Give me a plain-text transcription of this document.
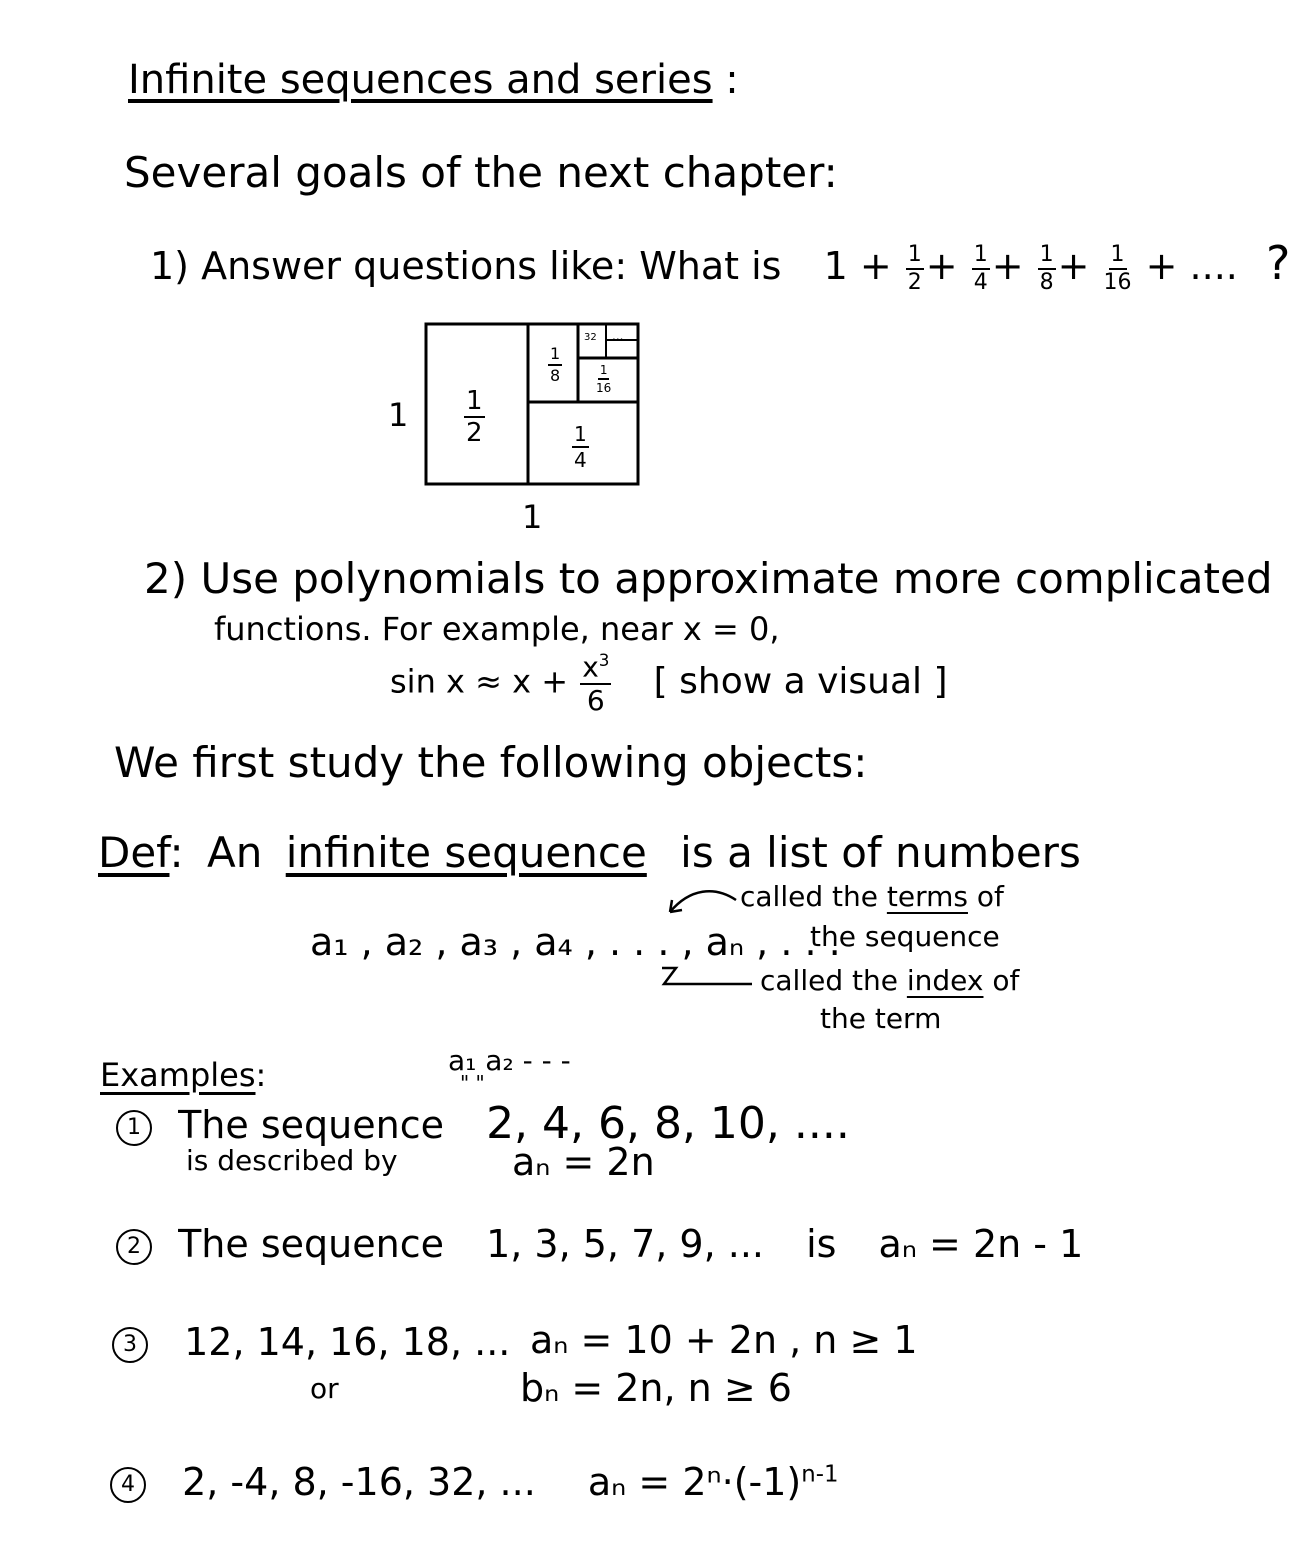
Infinite sequences and series :
Several goals of the next chapter:
1) Answer questions like: What is $1 + \frac{1}{2} + \frac{1}{4} + \frac{1}{8} + \frac{1}{16}$ + .... ?
1
1
$\frac{1}{2}$
$\frac{1}{4}$
$\frac{1}{8}$	$\frac{1}{16}$
32 ...
2) Use polynomials to approximate more complicated
functions. For example, near x = 0,
$\sin x \approx x + \frac{x^3}{6}$ [ show a visual ]
We first study the following objects:
Def: An infinite sequence is a list of numbers
called the terms of
the sequence
a₁ , a₂ , a₃ , a₄ , . . . , aₙ , . . .
called the index of
the term
Examples:	a₁ a₂ - - -
" "
1 The sequence 2, 4, 6, 8, 10, ....
is described by	aₙ = 2n
2 The sequence 1, 3, 5, 7, 9, ... is aₙ = 2n - 1
3 12, 14, 16, 18, ... aₙ = 10 + 2n , n ≥ 1
or	bₙ = 2n, n ≥ 6
4 2, -4, 8, -16, 32, ... $a_n = 2^n\cdot(-1)^{n-1}$
